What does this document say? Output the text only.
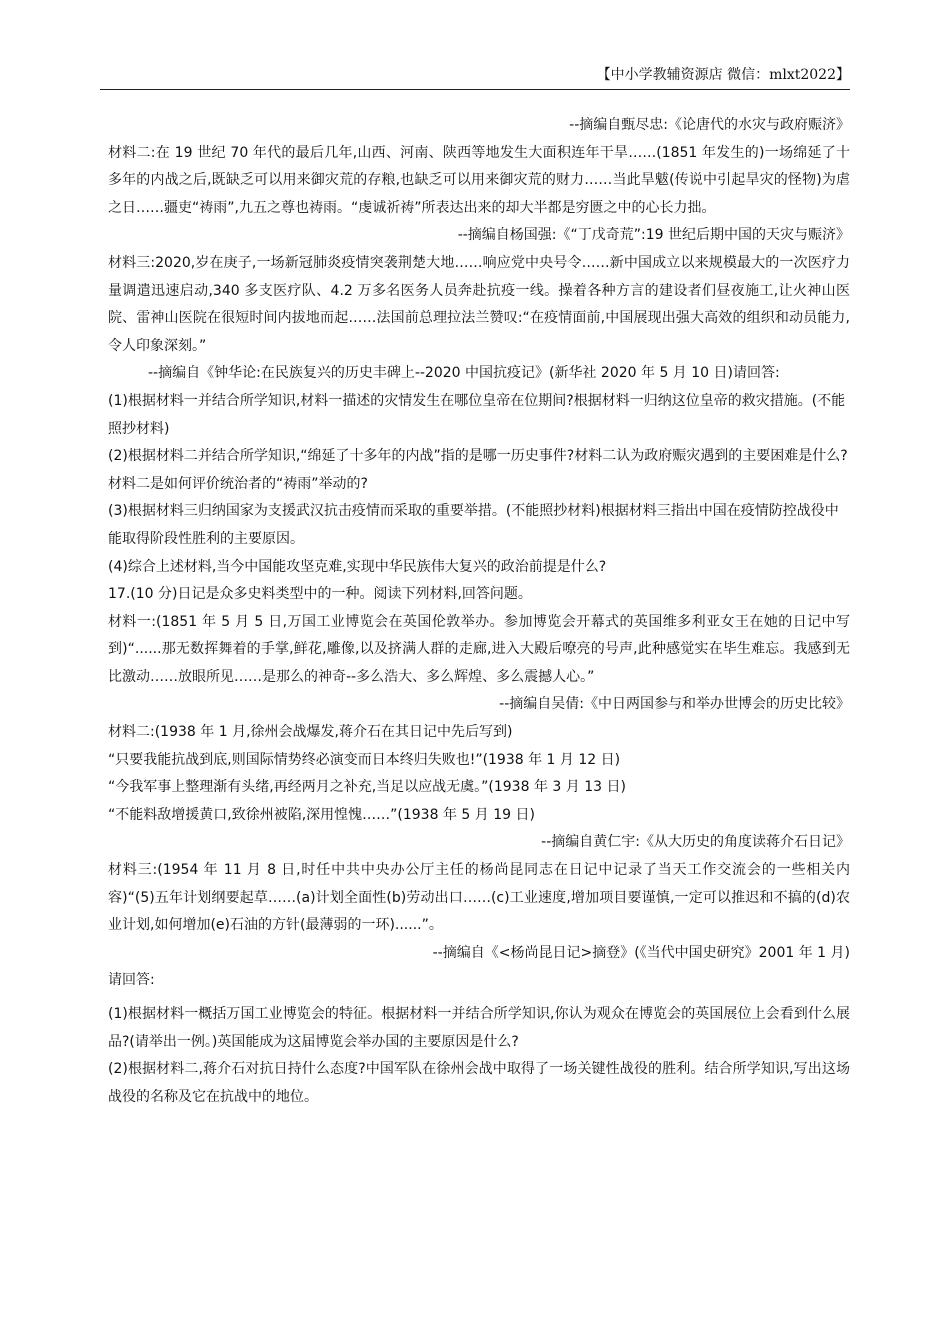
【中小学教辅资源店 微信：mlxt2022】

--摘编自甄尽忠:《论唐代的水灾与政府赈济》

材料二:在 19 世纪 70 年代的最后几年,山西、河南、陕西等地发生大面积连年干旱……(1851 年发生的)一场绵延了十多年的内战之后,既缺乏可以用来御灾荒的存粮,也缺乏可以用来御灾荒的财力……当此旱魃(传说中引起旱灾的怪物)为虐之日……疆吏“祷雨”,九五之尊也祷雨。“虔诚祈祷”所表达出来的却大半都是穷匮之中的心长力拙。

--摘编自杨国强:《“丁戊奇荒”:19 世纪后期中国的天灾与赈济》

材料三:2020,岁在庚子,一场新冠肺炎疫情突袭荆楚大地……响应党中央号令……新中国成立以来规模最大的一次医疗力量调遣迅速启动,340 多支医疗队、4.2 万多名医务人员奔赴抗疫一线。操着各种方言的建设者们昼夜施工,让火神山医院、雷神山医院在很短时间内拔地而起……法国前总理拉法兰赞叹:“在疫情面前,中国展现出强大高效的组织和动员能力,令人印象深刻。”

--摘编自《钟华论:在民族复兴的历史丰碑上--2020 中国抗疫记》(新华社 2020 年 5 月 10 日)请回答:

(1)根据材料一并结合所学知识,材料一描述的灾情发生在哪位皇帝在位期间?根据材料一归纳这位皇帝的救灾措施。(不能照抄材料)

(2)根据材料二并结合所学知识,“绵延了十多年的内战”指的是哪一历史事件?材料二认为政府赈灾遇到的主要困难是什么?材料二是如何评价统治者的“祷雨”举动的?

(3)根据材料三归纳国家为支援武汉抗击疫情而采取的重要举措。(不能照抄材料)根据材料三指出中国在疫情防控战役中能取得阶段性胜利的主要原因。

(4)综合上述材料,当今中国能攻坚克难,实现中华民族伟大复兴的政治前提是什么?

17.(10 分)日记是众多史料类型中的一种。阅读下列材料,回答问题。

材料一:(1851 年 5 月 5 日,万国工业博览会在英国伦敦举办。参加博览会开幕式的英国维多利亚女王在她的日记中写到)“......那无数挥舞着的手掌,鲜花,雕像,以及挤满人群的走廊,进入大殿后嘹亮的号声,此种感觉实在毕生难忘。我感到无比激动……放眼所见……是那么的神奇--多么浩大、多么辉煌、多么震撼人心。”

--摘编自吴倩:《中日两国参与和举办世博会的历史比较》

材料二:(1938 年 1 月,徐州会战爆发,蒋介石在其日记中先后写到)

“只要我能抗战到底,则国际情势终必演变而日本终归失败也!”(1938 年 1 月 12 日)

“今我军事上整理渐有头绪,再经两月之补充,当足以应战无虞。”(1938 年 3 月 13 日)

“不能料敌增援黄口,致徐州被陷,深用惶愧……”(1938 年 5 月 19 日)

--摘编自黄仁宇:《从大历史的角度读蒋介石日记》

材料三:(1954 年 11 月 8 日,时任中共中央办公厅主任的杨尚昆同志在日记中记录了当天工作交流会的一些相关内容)“(5)五年计划纲要起草……(a)计划全面性(b)劳动出口……(c)工业速度,增加项目要谨慎,一定可以推迟和不搞的(d)农业计划,如何增加(e)石油的方针(最薄弱的一环)......”。

--摘编自《<杨尚昆日记>摘登》(《当代中国史研究》2001 年 1 月)

请回答:

(1)根据材料一概括万国工业博览会的特征。根据材料一并结合所学知识,你认为观众在博览会的英国展位上会看到什么展品?(请举出一例。)英国能成为这届博览会举办国的主要原因是什么?

(2)根据材料二,蒋介石对抗日持什么态度?中国军队在徐州会战中取得了一场关键性战役的胜利。结合所学知识,写出这场战役的名称及它在抗战中的地位。
